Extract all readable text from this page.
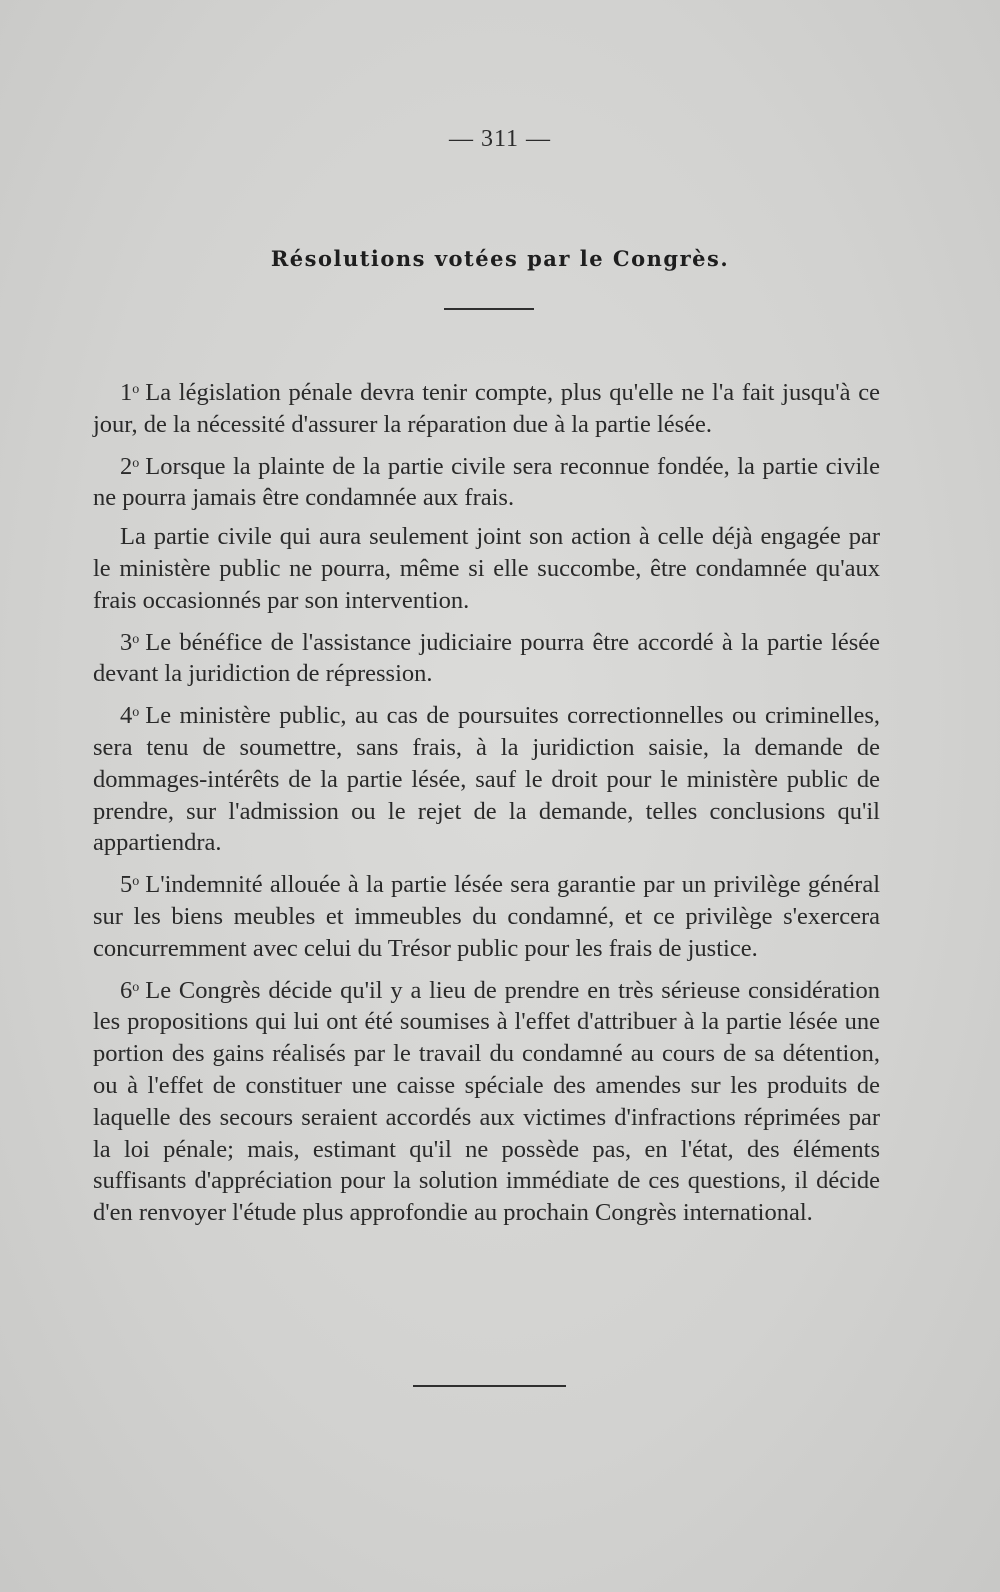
— 311 —
Résolutions votées par le Congrès.

1$^o$ La législation pénale devra tenir compte, plus qu'elle ne l'a fait jusqu'à ce jour, de la nécessité d'assurer la réparation due à la partie lésée.

2$^o$ Lorsque la plainte de la partie civile sera reconnue fondée, la partie civile ne pourra jamais être condamnée aux frais.

La partie civile qui aura seulement joint son action à celle déjà engagée par le ministère public ne pourra, même si elle succombe, être condamnée qu'aux frais occasionnés par son intervention.

3$^o$ Le bénéfice de l'assistance judiciaire pourra être accordé à la partie lésée devant la juridiction de répression.

4$^o$ Le ministère public, au cas de poursuites correctionnelles ou criminelles, sera tenu de soumettre, sans frais, à la juridiction saisie, la demande de dommages-intérêts de la partie lésée, sauf le droit pour le ministère public de prendre, sur l'admission ou le rejet de la demande, telles conclusions qu'il appartiendra.

5$^o$ L'indemnité allouée à la partie lésée sera garantie par un privilège général sur les biens meubles et immeubles du condamné, et ce privilège s'exercera concurremment avec celui du Trésor public pour les frais de justice.

6$^o$ Le Congrès décide qu'il y a lieu de prendre en très sérieuse considération les propositions qui lui ont été soumises à l'effet d'attribuer à la partie lésée une portion des gains réalisés par le travail du condamné au cours de sa détention, ou à l'effet de constituer une caisse spéciale des amendes sur les produits de laquelle des secours seraient accordés aux victimes d'infractions réprimées par la loi pénale; mais, estimant qu'il ne possède pas, en l'état, des éléments suffisants d'appréciation pour la solution immédiate de ces questions, il décide d'en renvoyer l'étude plus approfondie au prochain Congrès international.
